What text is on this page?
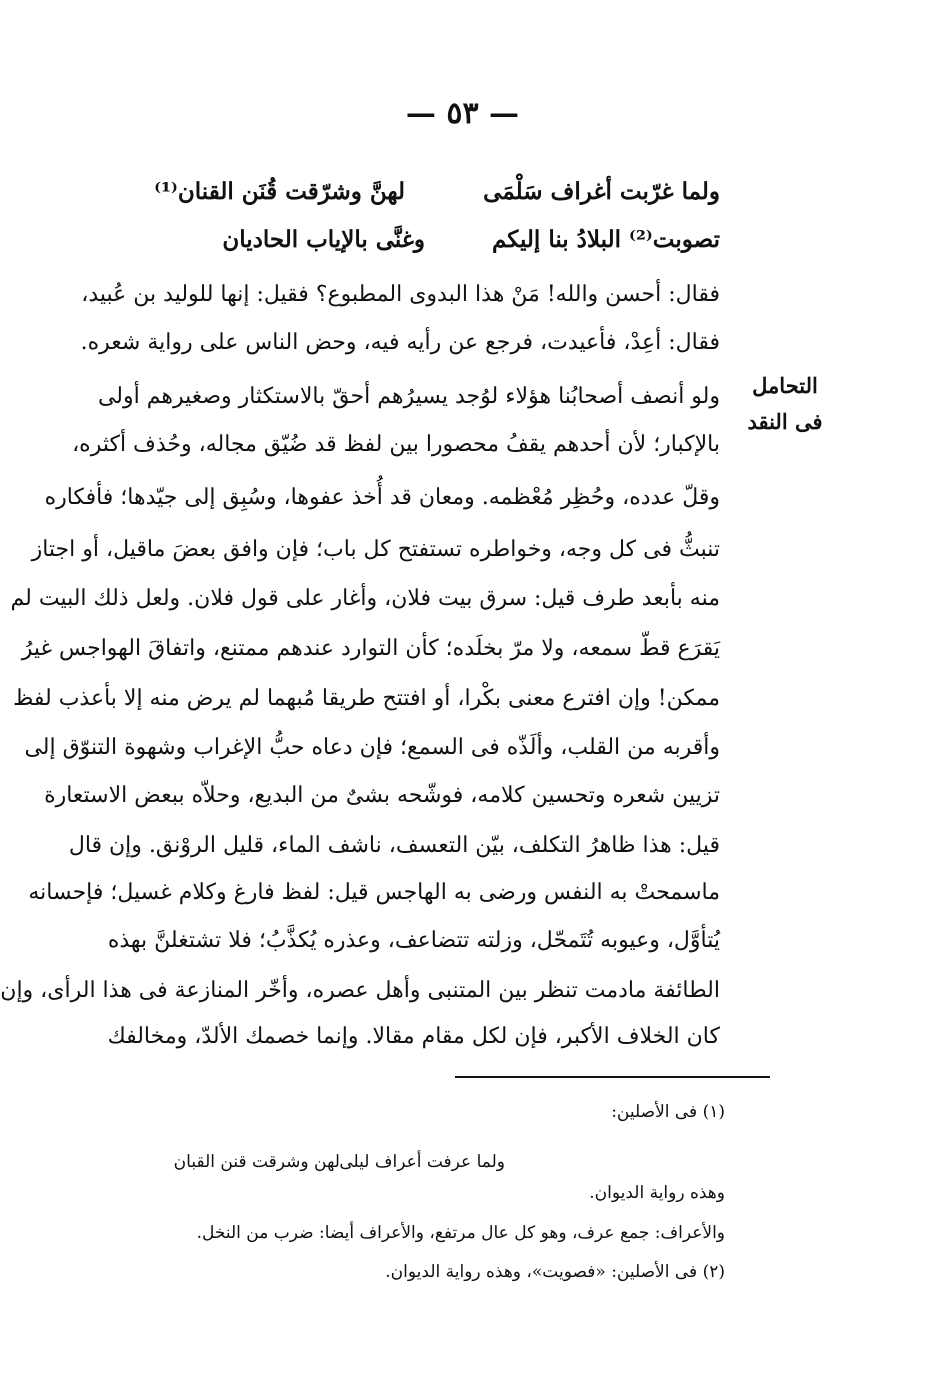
— ٥٣ —
ولما غرّبت أغراف سَلْمَى
لهنَّ وشرّقت قُنَن القنان⁽¹⁾
تصوبت⁽²⁾ البلادُ بنا إليكم
وغنَّى بالإياب الحاديان
فقال: أحسن والله! مَنْ هذا البدوى المطبوع؟ فقيل: إنها للوليد بن عُبيد،
فقال: أعِدْ، فأعيدت، فرجع عن رأيه فيه، وحض الناس على رواية شعره.
ولو أنصف أصحابُنا هؤلاء لوُجد يسيرُهم أحقّ بالاستكثار وصغيرهم أولى
بالإكبار؛ لأن أحدهم يقفُ محصورا بين لفظ قد ضُيّق مجاله، وحُذف أكثره،
وقلّ عدده، وحُظِر مُعْظمه. ومعان قد أُخذ عفوها، وسُبِق إلى جيّدها؛ فأفكاره
تنبثُّ فى كل وجه، وخواطره تستفتح كل باب؛ فإن وافق بعضَ ماقيل، أو اجتاز
منه بأبعد طرف قيل: سرق بيت فلان، وأغار على قول فلان. ولعل ذلك البيت لم
يَقرَع قطّ سمعه، ولا مرّ بخلَده؛ كأن التوارد عندهم ممتنع، واتفاقَ الهواجس غيرُ
ممكن! وإن افترع معنى بكْرا، أو افتتح طريقا مُبهما لم يرض منه إلا بأعذب لفظ
وأقربه من القلب، وألَذّه فى السمع؛ فإن دعاه حبُّ الإغراب وشهوة التنوّق إلى
تزيين شعره وتحسين كلامه، فوشّحه بشىٌ من البديع، وحلاّه ببعض الاستعارة
قيل: هذا ظاهرُ التكلف، بيّن التعسف، ناشف الماء، قليل الروْنق. وإن قال
ماسمحتْ به النفس ورضى به الهاجس قيل: لفظ فارغ وكلام غسيل؛ فإحسانه
يُتأوَّل، وعيوبه تُتَمحّل، وزلته تتضاعف، وعذره يُكذَّبُ؛ فلا تشتغلنَّ بهذه
الطائفة مادمت تنظر بين المتنبى وأهل عصره، وأخّر المنازعة فى هذا الرأى، وإن
كان الخلاف الأكبر، فإن لكل مقام مقالا. وإنما خصمك الألدّ، ومخالفك
التحامل
فى النقد
(١) فى الأصلين:
ولما عرفت أعراف ليلى
لهن وشرقت قنن القبان
وهذه رواية الديوان.
والأعراف: جمع عرف، وهو كل عال مرتفع، والأعراف أيضا: ضرب من النخل.
(٢) فى الأصلين: «فصويت»، وهذه رواية الديوان.
